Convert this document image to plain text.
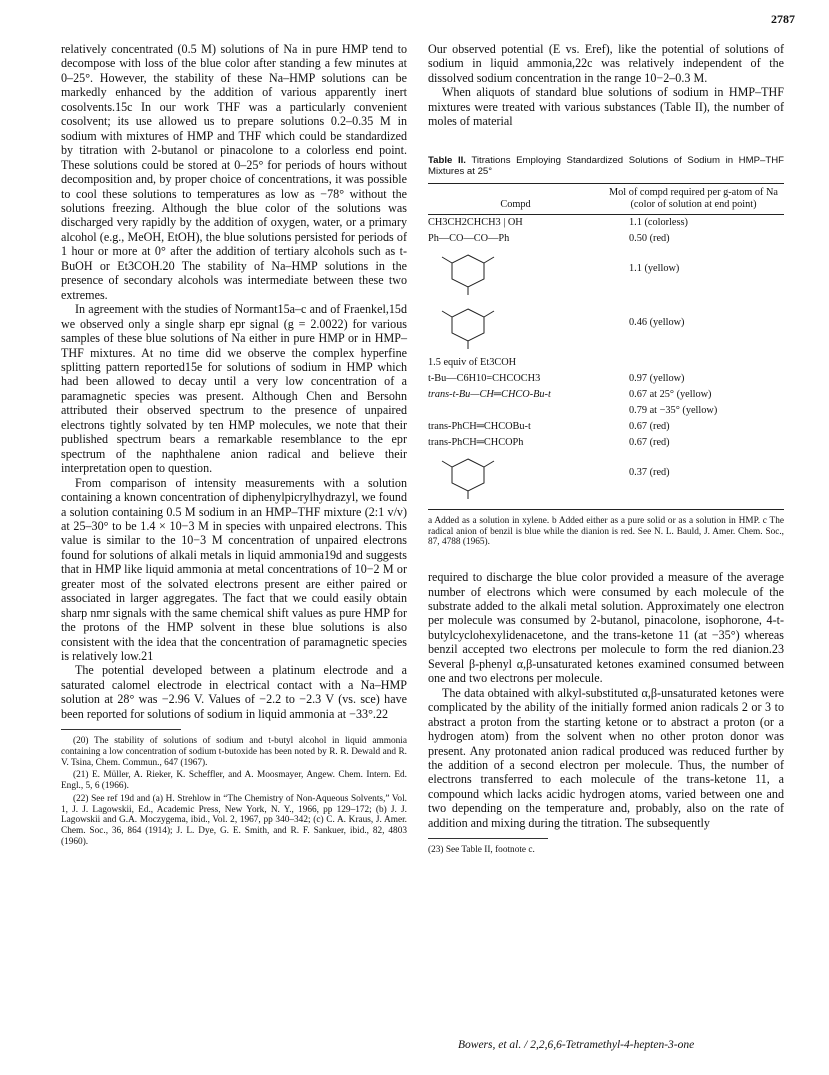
2787

relatively concentrated (0.5 M) solutions of Na in pure HMP tend to decompose with loss of the blue color after standing a few minutes at 0–25°. However, the stability of these Na–HMP solutions can be markedly enhanced by the addition of various apparently inert cosolvents.15c In our work THF was a particularly convenient cosolvent; its use allowed us to prepare solutions 0.2–0.35 M in sodium with mixtures of HMP and THF which could be standardized by titration with 2-butanol or pinacolone to a colorless end point. These solutions could be stored at 0–25° for periods of hours without decomposition and, by proper choice of concentrations, it was possible to cool these solutions to temperatures as low as −78° without the solutions freezing. Although the blue color of the solutions was discharged very rapidly by the addition of oxygen, water, or a primary alcohol (e.g., MeOH, EtOH), the blue solutions persisted for periods of 1 hour or more at 0° after the addition of tertiary alcohols such as t-BuOH or Et3COH.20 The stability of Na–HMP solutions in the presence of secondary alcohols was intermediate between these two extremes.

In agreement with the studies of Normant15a–c and of Fraenkel,15d we observed only a single sharp epr signal (g = 2.0022) for various samples of these blue solutions of Na either in pure HMP or in HMP–THF mixtures. At no time did we observe the complex hyperfine splitting pattern reported15e for solutions of sodium in HMP which had been allowed to decay until a very low concentration of a paramagnetic species was present. Although Chen and Bersohn attributed their observed spectrum to the presence of unpaired electrons tightly solvated by ten HMP molecules, we note that their published spectrum bears a remarkable resemblance to the epr spectrum of the naphthalene anion radical and believe their interpretation open to question.

From comparison of intensity measurements with a solution containing a known concentration of diphenylpicrylhydrazyl, we found a solution containing 0.5 M sodium in an HMP–THF mixture (2:1 v/v) at 25–30° to be 1.4 × 10−3 M in species with unpaired electrons. This value is similar to the 10−3 M concentration of unpaired electrons found for solutions of alkali metals in liquid ammonia19d and suggests that in HMP like liquid ammonia at metal concentrations of 10−2 M or greater most of the solvated electrons present are either paired or associated in larger aggregates. The fact that we could easily obtain sharp nmr signals with the same chemical shift values as pure HMP for the protons of the HMP solvent in these blue solutions is also consistent with the idea that the concentration of paramagnetic species is relatively low.21

The potential developed between a platinum electrode and a saturated calomel electrode in electrical contact with a Na–HMP solution at 28° was −2.96 V. Values of −2.2 to −2.3 V (vs. sce) have been reported for solutions of sodium in liquid ammonia at −33°.22

(20) The stability of solutions of sodium and t-butyl alcohol in liquid ammonia containing a low concentration of sodium t-butoxide has been noted by R. R. Dewald and R. V. Tsina, Chem. Commun., 647 (1967).

(21) E. Müller, A. Rieker, K. Scheffler, and A. Moosmayer, Angew. Chem. Intern. Ed. Engl., 5, 6 (1966).

(22) See ref 19d and (a) H. Strehlow in “The Chemistry of Non-Aqueous Solvents,” Vol. 1, J. J. Lagowskii, Ed., Academic Press, New York, N. Y., 1966, pp 129–172; (b) J. J. Lagowskii and G.A. Moczygema, ibid., Vol. 2, 1967, pp 340–342; (c) C. A. Kraus, J. Amer. Chem. Soc., 36, 864 (1914); J. L. Dye, G. E. Smith, and R. F. Sankuer, ibid., 82, 4803 (1960).

Our observed potential (E vs. Eref), like the potential of solutions of sodium in liquid ammonia,22c was relatively independent of the dissolved sodium concentration in the range 10−2–0.3 M.

When aliquots of standard blue solutions of sodium in HMP–THF mixtures were treated with various substances (Table II), the number of moles of material

Table II. Titrations Employing Standardized Solutions of Sodium in HMP–THF Mixtures at 25°
Compd	Mol of compd required per g-atom of Na (color of solution at end point)

CH3CH2CHCH3 | OH	1.1 (colorless)

Ph—CO—CO—Ph	0.50 (red)
	1.1 (yellow)
	0.46 (yellow)
1.5 equiv of Et3COH	
t-Bu—C6H10=CHCOCH3	0.97 (yellow)
trans-t-Bu—CH═CHCO-Bu-t	0.67 at 25° (yellow)
	0.79 at −35° (yellow)
trans-PhCH═CHCOBu-t	0.67 (red)
trans-PhCH═CHCOPh	0.67 (red)
	0.37 (red)
a Added as a solution in xylene. b Added either as a pure solid or as a solution in HMP. c The radical anion of benzil is blue while the dianion is red. See N. L. Bauld, J. Amer. Chem. Soc., 87, 4788 (1965).

required to discharge the blue color provided a measure of the average number of electrons which were consumed by each molecule of the substrate added to the alkali metal solution. Approximately one electron per molecule was consumed by 2-butanol, pinacolone, isophorone, 4-t-butylcyclohexylidenacetone, and the trans-ketone 11 (at −35°) whereas benzil accepted two electrons per molecule to form the red dianion.23 Several β-phenyl α,β-unsaturated ketones examined consumed between one and two electrons per molecule.

The data obtained with alkyl-substituted α,β-unsaturated ketones were complicated by the ability of the initially formed anion radicals 2 or 3 to abstract a proton from the starting ketone or to abstract a proton (or a hydrogen atom) from the solvent when no other proton donor was present. Any protonated anion radical produced was reduced further by the addition of a second electron per molecule. Thus, the number of electrons transferred to each molecule of the trans-ketone 11, a compound which lacks acidic hydrogen atoms, varied between one and two depending on the temperature and, probably, also on the rate of addition and mixing during the titration. The subsequently

(23) See Table II, footnote c.
Bowers, et al. / 2,2,6,6-Tetramethyl-4-hepten-3-one
